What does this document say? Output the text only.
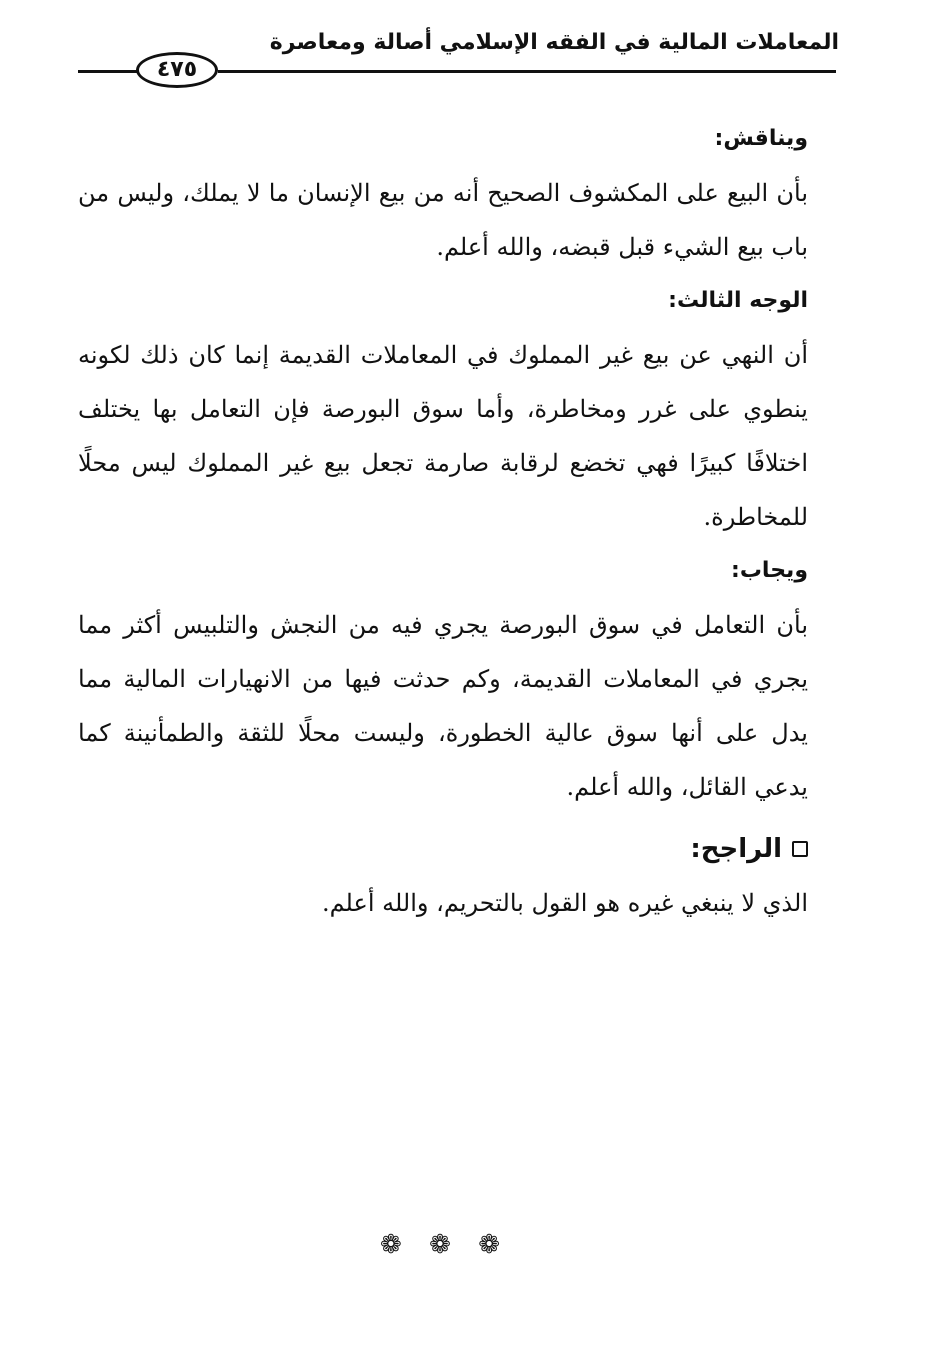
المعاملات المالية في الفقه الإسلامي أصالة ومعاصرة
٤٧٥

ويناقش:

بأن البيع على المكشوف الصحيح أنه من بيع الإنسان ما لا يملك، وليس من باب بيع الشيء قبل قبضه، والله أعلم.

الوجه الثالث:

أن النهي عن بيع غير المملوك في المعاملات القديمة إنما كان ذلك لكونه ينطوي على غرر ومخاطرة، وأما سوق البورصة فإن التعامل بها يختلف اختلافًا كبيرًا فهي تخضع لرقابة صارمة تجعل بيع غير المملوك ليس محلًا للمخاطرة.

ويجاب:

بأن التعامل في سوق البورصة يجري فيه من النجش والتلبيس أكثر مما يجري في المعاملات القديمة، وكم حدثت فيها من الانهيارات المالية مما يدل على أنها سوق عالية الخطورة، وليست محلًا للثقة والطمأنينة كما يدعي القائل، والله أعلم.

الراجح:

الذي لا ينبغي غيره هو القول بالتحريم، والله أعلم.

❁ ❁ ❁
